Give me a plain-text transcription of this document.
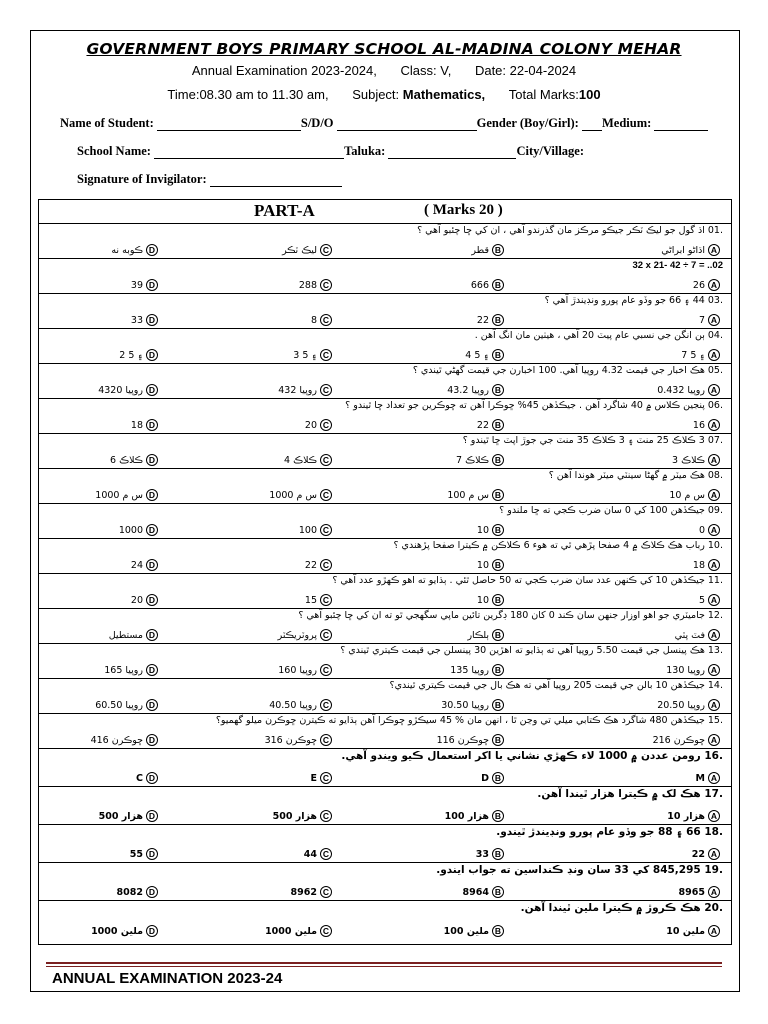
GOVERNMENT BOYS PRIMARY SCHOOL AL-MADINA COLONY MEHAR
Annual Examination 2023-2024, Class: V, Date: 22-04-2024
Time:08.30 am to 11.30 am, Subject: Mathematics, Total Marks:100
Name of Student:	S/D/O	Gender (Boy/Girl): Medium:
School Name:	Taluka:	City/Village:
Signature of Invigilator:
PART-A	( Marks 20 )
.01 اڌ گول جو ليڪ ٽڪر جيڪو مرڪز مان گذرندو آهي ، ان کي ڇا چئبو آهي ؟
اڌاڻو ابراڻي A
قطر B
ليڪ ٽڪر C
ڪوبه نه D
32 x 21- 42 ÷ 7 = ..02
26 A
666 B
288 C
39 D
.03 44 ۽ 66 جو وڏو عام پورو ونڊيندڙ آهي ؟
7 A
22 B
8 C
33 D
.04 ٻن انگن جي نسبي عام پيٽ 20 آهي ، هيٺين مان انگ آهن .
7 ۽ 5 A
4 ۽ 5 B
3 ۽ 5 C
2 ۽ 5 D
.05 هڪ اخبار جي قيمت 4.32 روپيا آهي. 100 اخبارن جي قيمت گهڻي ٿيندي ؟
0.432 روپيا A
43.2 روپيا B
432 روپيا C
4320 روپيا D
.06 پنجين ڪلاس ۾ 40 شاگرد آهن . جيڪڏهن 45% ڇوڪرا آهن ته ڇوڪرين جو تعداد ڇا ٿيندو ؟
16 A
22 B
20 C
18 D
.07 3 ڪلاڪ 25 منٽ ۽ 3 ڪلاڪ 35 منٽ جي جوڙ اپٽ ڇا ٿيندو ؟
3 ڪلاڪ A
7 ڪلاڪ B
4 ڪلاڪ C
6 ڪلاڪ D
.08 هڪ ميٽر ۾ گهڻا سينٽي ميٽر هوندا آهن ؟
10 س م A
100 س م B
1000 س م C
1000 س م D
.09 جيڪڏهن 100 کي 0 سان ضرب ڪجي ته ڇا ملندو ؟
0 A
10 B
100 C
1000 D
.10 رباب هڪ ڪلاڪ ۾ 4 صفحا پڙهي ٿي ته هوء 6 ڪلاڪن ۾ ڪيترا صفحا پڙهندي ؟
18 A
10 B
22 C
24 D
.11 جيڪڏهن 10 کي ڪنهن عدد سان ضرب ڪجي ته 50 حاصل ٿئي . ٻڌايو ته اهو ڪهڙو عدد آهي ؟
5 A
10 B
15 C
20 D
.12 جاميٽري جو اهو اوزار جنهن سان ڪند 0 کان 180 ڊگرين تائين ماپي سگهجي ٿو ته ان کي ڇا چئبو آهي ؟
فٽ پٽي A
ٻلڪار B
پروٽريڪٽر C
مستطيل D
.13 هڪ پينسل جي قيمت 5.50 روپيا آهي ته ٻڌايو ته اهڙين 30 پينسلن جي قيمت ڪيتري ٿيندي ؟
130 روپيا A
135 روپيا B
160 روپيا C
165 روپيا D
.14 جيڪڏهن 10 بالن جي قيمت 205 روپيا آهي ته هڪ بال جي قيمت ڪيتري ٿيندي؟
20.50 روپيا A
30.50 روپيا B
40.50 روپيا C
60.50 روپيا D
.15 جيڪڏهن 480 شاگرد هڪ ڪتابي ميلي تي وڃن ٿا ، انهن مان % 45 سيڪڙو ڇوڪرا آهن ٻڌايو ته ڪيترن ڇوڪرن ميلو گهميو؟
216 ڇوڪرن A
116 ڇوڪرن B
316 ڇوڪرن C
416 ڇوڪرن D
.16 رومن عددن ۾ 1000 لاء ڪهڙي نشاني يا اکر استعمال ڪيو ويندو آهي.
M A
D B
E C
C D
.17 هڪ لک ۾ ڪيترا هزار ٿيندا آهن.
10 هزار A
100 هزار B
500 هزار C
500 هزار D
.18 66 ۽ 88 جو وڏو عام پورو ونڊيندڙ ٿيندو.
22 A
33 B
44 C
55 D
.19 845,295 کي 33 سان ونڊ ڪنداسين ته جواب ايندو.
8965 A
8964 B
8962 C
8082 D
.20 هڪ ڪروڙ ۾ ڪيترا ملين ٿيندا آهن.
10 ملين A
100 ملين B
1000 ملين C
1000 ملين D
ANNUAL EXAMINATION 2023-24
